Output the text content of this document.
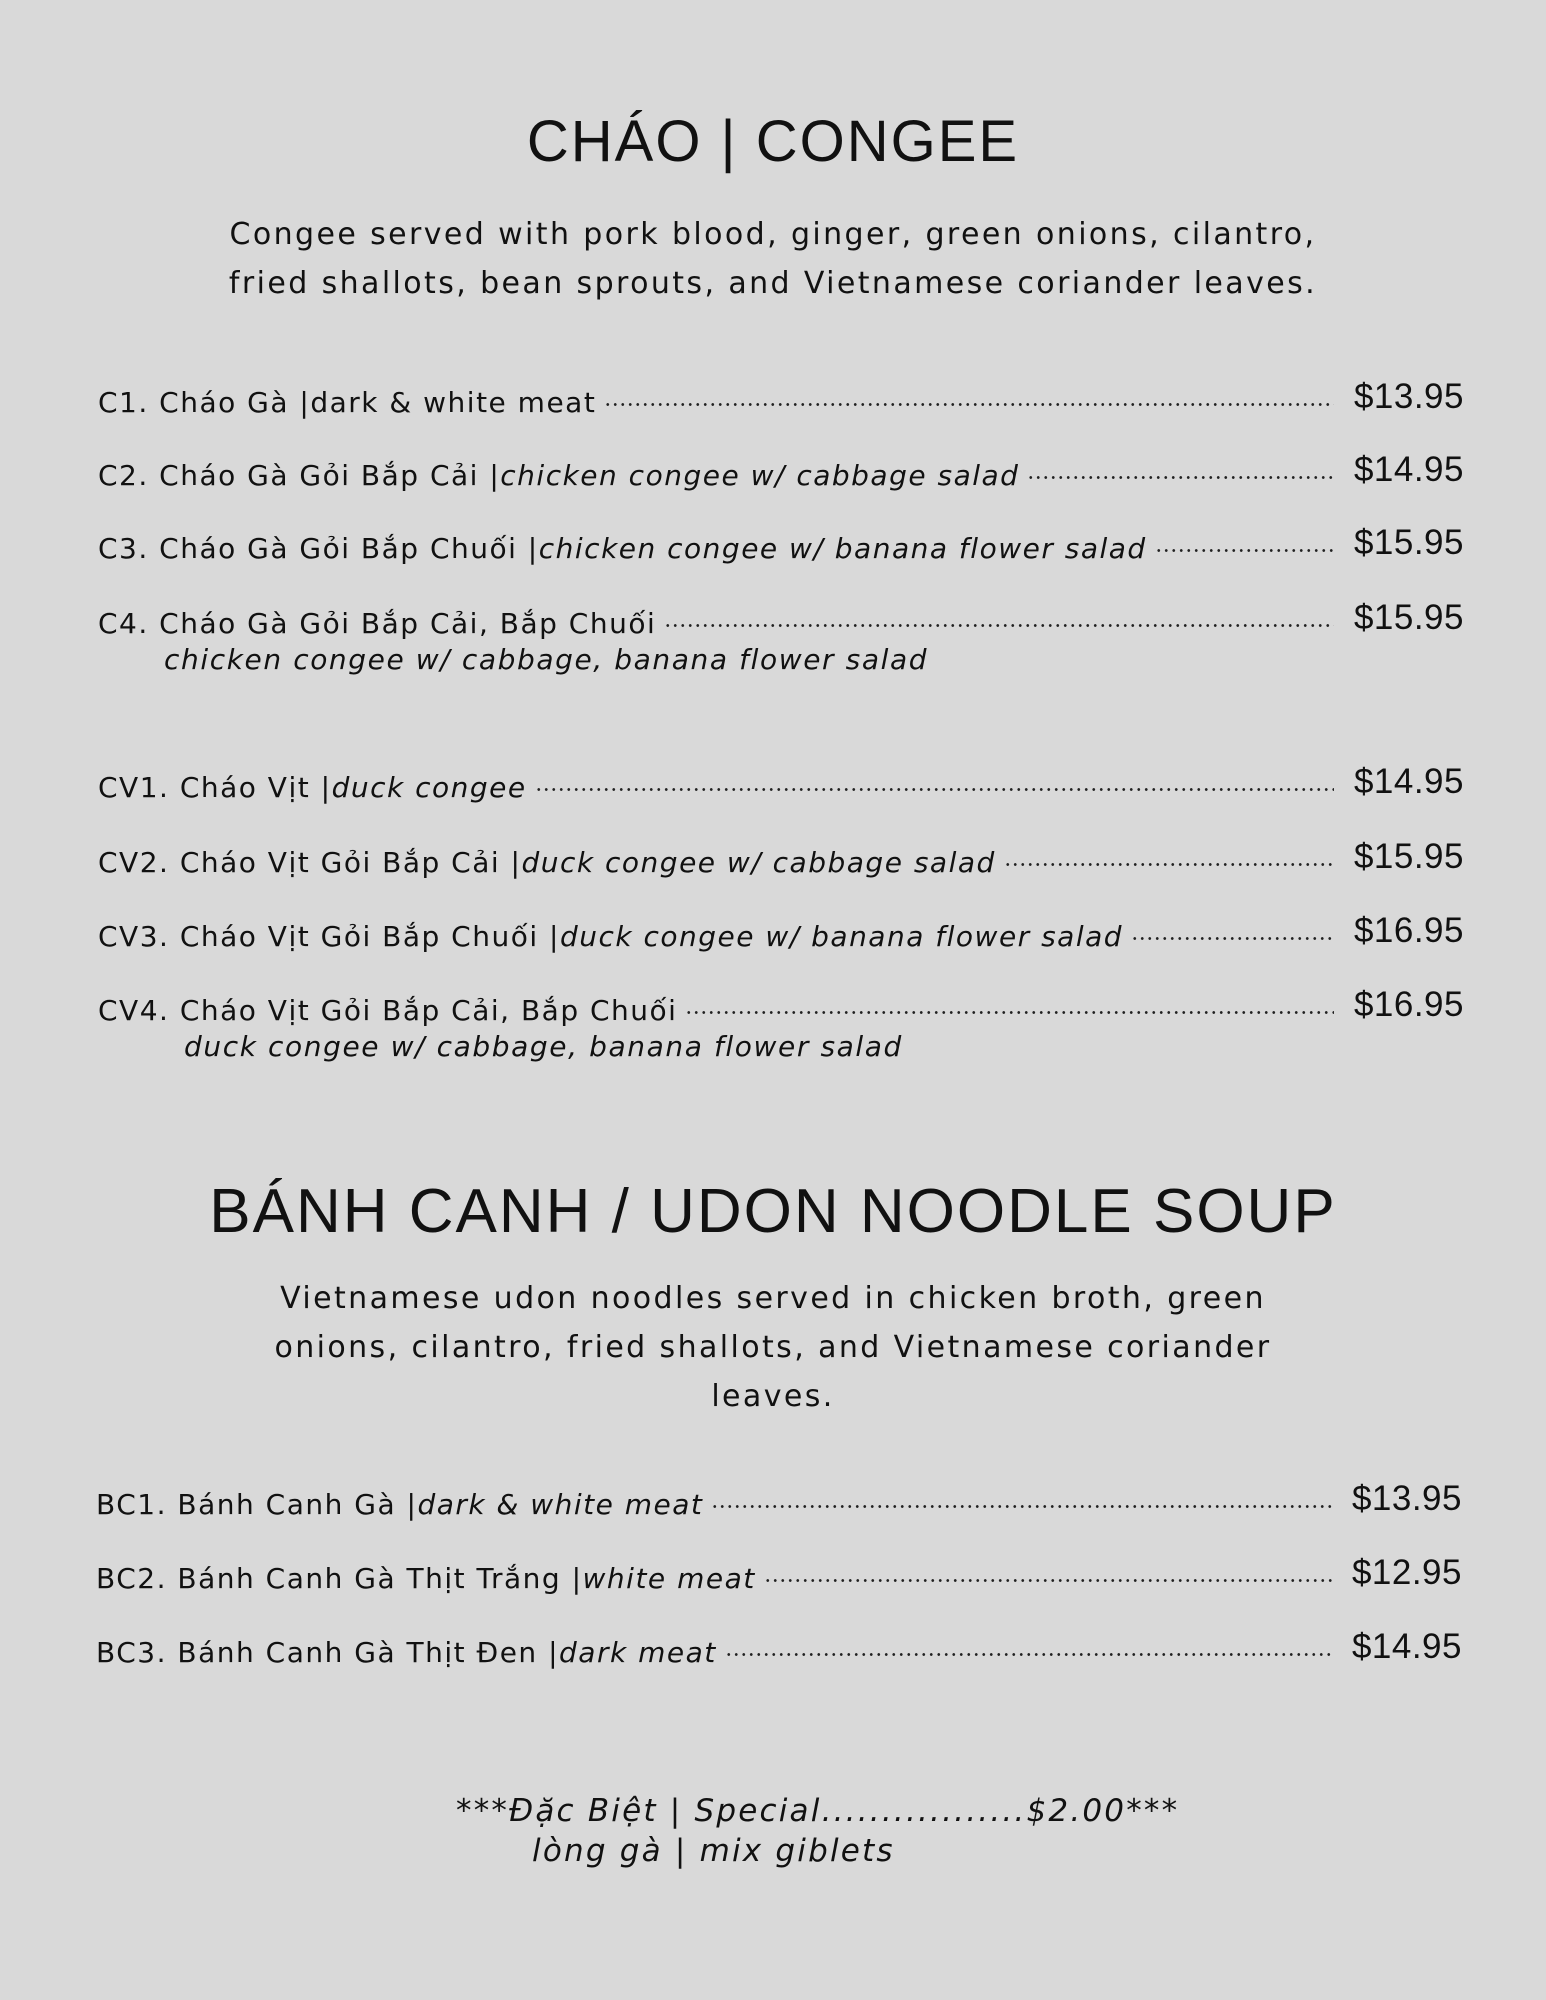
CHÁO | CONGEE
Congee served with pork blood, ginger, green onions, cilantro,
fried shallots, bean sprouts, and Vietnamese coriander leaves.
C1. Cháo Gà | dark & white meat	$13.95
C2. Cháo Gà Gỏi Bắp Cải | chicken congee w/ cabbage salad	$14.95
C3. Cháo Gà Gỏi Bắp Chuối | chicken congee w/ banana flower salad	$15.95
C4. Cháo Gà Gỏi Bắp Cải, Bắp Chuối	$15.95
chicken congee w/ cabbage, banana flower salad
CV1. Cháo Vịt | duck congee	$14.95
CV2. Cháo Vịt Gỏi Bắp Cải | duck congee w/ cabbage salad	$15.95
CV3. Cháo Vịt Gỏi Bắp Chuối | duck congee w/ banana flower salad	$16.95
CV4. Cháo Vịt Gỏi Bắp Cải, Bắp Chuối	$16.95
duck congee w/ cabbage, banana flower salad
BÁNH CANH / UDON NOODLE SOUP
Vietnamese udon noodles served in chicken broth, green
onions, cilantro, fried shallots, and Vietnamese coriander
leaves.
BC1. Bánh Canh Gà | dark & white meat	$13.95
BC2. Bánh Canh Gà Thịt Trắng | white meat	$12.95
BC3. Bánh Canh Gà Thịt Đen | dark meat	$14.95
***Đặc Biệt | Special.................$2.00***
lòng gà | mix giblets
